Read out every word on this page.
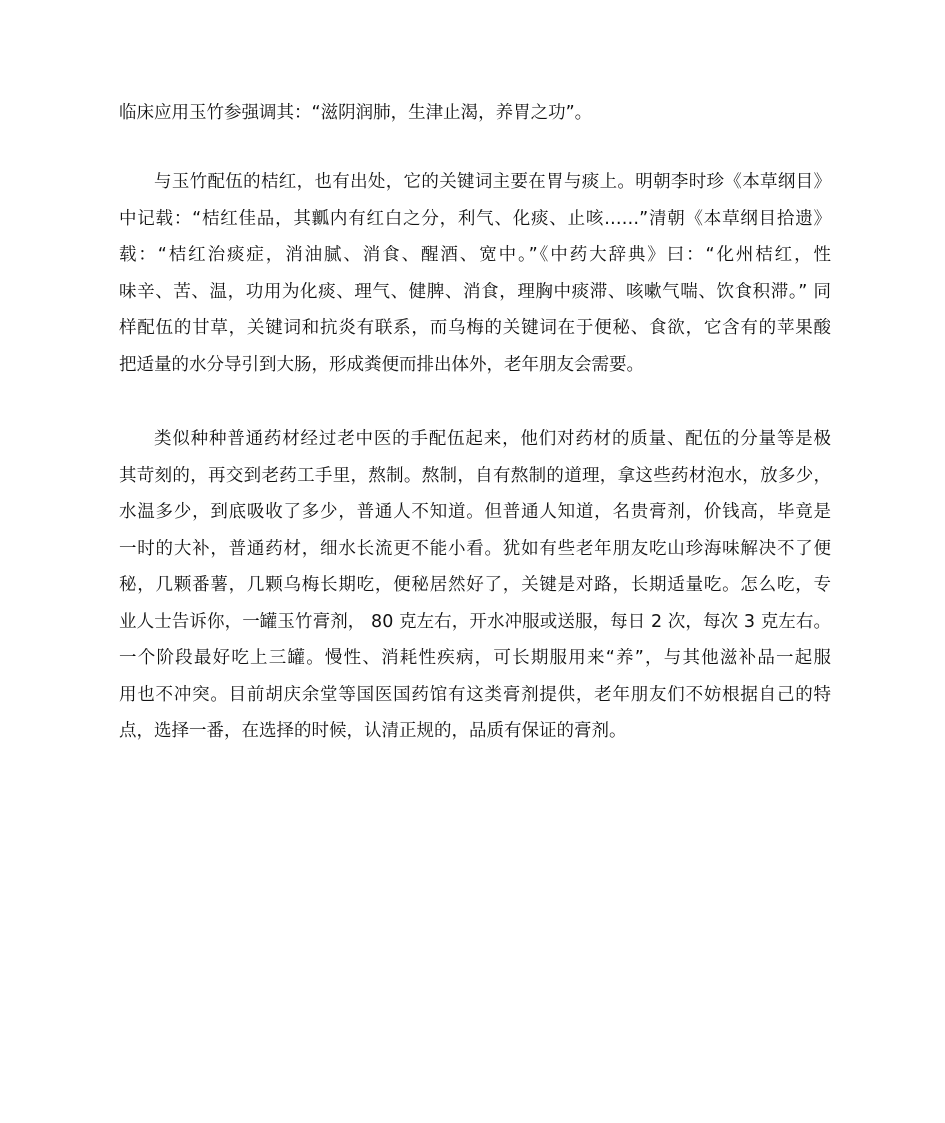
临床应用玉竹参强调其：“滋阴润肺，生津止渴，养胃之功”。
与玉竹配伍的桔红，也有出处，它的关键词主要在胃与痰上。明朝李时珍《本草纲目》
中记载：“桔红佳品，其瓤内有红白之分，利气、化痰、止咳……”清朝《本草纲目拾遗》
载：“桔红治痰症，消油腻、消食、醒酒、宽中。”《中药大辞典》曰：“化州桔红，性
味辛、苦、温，功用为化痰、理气、健脾、消食，理胸中痰滞、咳嗽气喘、饮食积滞。” 同
样配伍的甘草，关键词和抗炎有联系，而乌梅的关键词在于便秘、食欲，它含有的苹果酸
把适量的水分导引到大肠，形成粪便而排出体外，老年朋友会需要。
类似种种普通药材经过老中医的手配伍起来，他们对药材的质量、配伍的分量等是极
其苛刻的，再交到老药工手里，熬制。熬制，自有熬制的道理，拿这些药材泡水，放多少，
水温多少，到底吸收了多少，普通人不知道。但普通人知道，名贵膏剂，价钱高，毕竟是
一时的大补，普通药材，细水长流更不能小看。犹如有些老年朋友吃山珍海味解决不了便
秘，几颗番薯，几颗乌梅长期吃，便秘居然好了，关键是对路，长期适量吃。怎么吃，专
业人士告诉你，一罐玉竹膏剂， 80 克左右，开水冲服或送服，每日 2 次，每次 3 克左右。
一个阶段最好吃上三罐。慢性、消耗性疾病，可长期服用来“养”，与其他滋补品一起服
用也不冲突。目前胡庆余堂等国医国药馆有这类膏剂提供，老年朋友们不妨根据自己的特
点，选择一番，在选择的时候，认清正规的，品质有保证的膏剂。
